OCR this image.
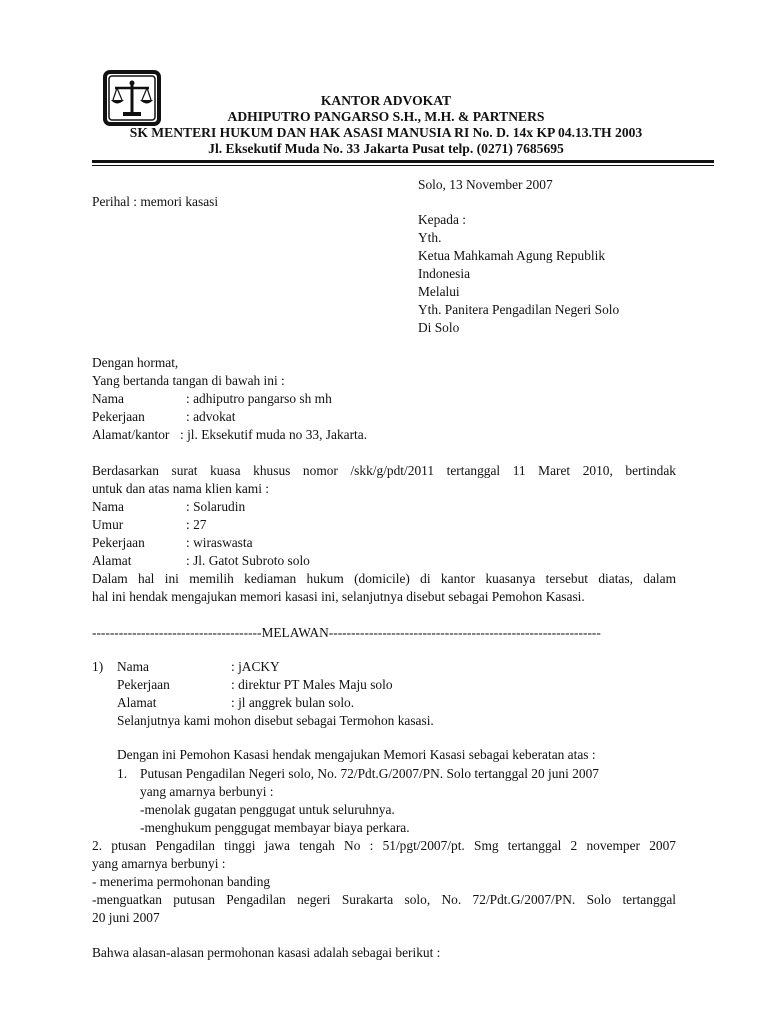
KANTOR ADVOKAT
ADHIPUTRO PANGARSO S.H., M.H. & PARTNERS
SK MENTERI HUKUM DAN HAK ASASI MANUSIA RI No. D. 14x KP 04.13.TH 2003
Jl. Eksekutif Muda No. 33 Jakarta Pusat telp. (0271) 7685695
Solo, 13 November 2007
Perihal : memori kasasi
Kepada :
Yth.
Ketua Mahkamah Agung Republik
Indonesia
Melalui
Yth. Panitera Pengadilan Negeri Solo
Di Solo
Dengan hormat,
Yang bertanda tangan di bawah ini :
Nama	: adhiputro pangarso sh mh
Pekerjaan	: advokat
Alamat/kantor : jl. Eksekutif muda no 33, Jakarta.
Berdasarkan surat kuasa khusus nomor /skk/g/pdt/2011 tertanggal 11 Maret 2010, bertindak
untuk dan atas nama klien kami :
Nama	: Solarudin
Umur	: 27
Pekerjaan	: wiraswasta
Alamat	: Jl. Gatot Subroto solo
Dalam hal ini memilih kediaman hukum (domicile) di kantor kuasanya tersebut diatas, dalam
hal ini hendak mengajukan memori kasasi ini, selanjutnya disebut sebagai Pemohon Kasasi.
--------------------------------------MELAWAN-------------------------------------------------------------
1) Nama	: jACKY
Pekerjaan	: direktur PT Males Maju solo
Alamat	: jl anggrek bulan solo.
Selanjutnya kami mohon disebut sebagai Termohon kasasi.
Dengan ini Pemohon Kasasi hendak mengajukan Memori Kasasi sebagai keberatan atas :
1. Putusan Pengadilan Negeri solo, No. 72/Pdt.G/2007/PN. Solo tertanggal 20 juni 2007
yang amarnya berbunyi :
-menolak gugatan penggugat untuk seluruhnya.
-menghukum penggugat membayar biaya perkara.
2. ptusan Pengadilan tinggi jawa tengah No : 51/pgt/2007/pt. Smg tertanggal 2 novemper 2007
yang amarnya berbunyi :
- menerima permohonan banding
-menguatkan putusan Pengadilan negeri Surakarta solo, No. 72/Pdt.G/2007/PN. Solo tertanggal
20 juni 2007
Bahwa alasan-alasan permohonan kasasi adalah sebagai berikut :
